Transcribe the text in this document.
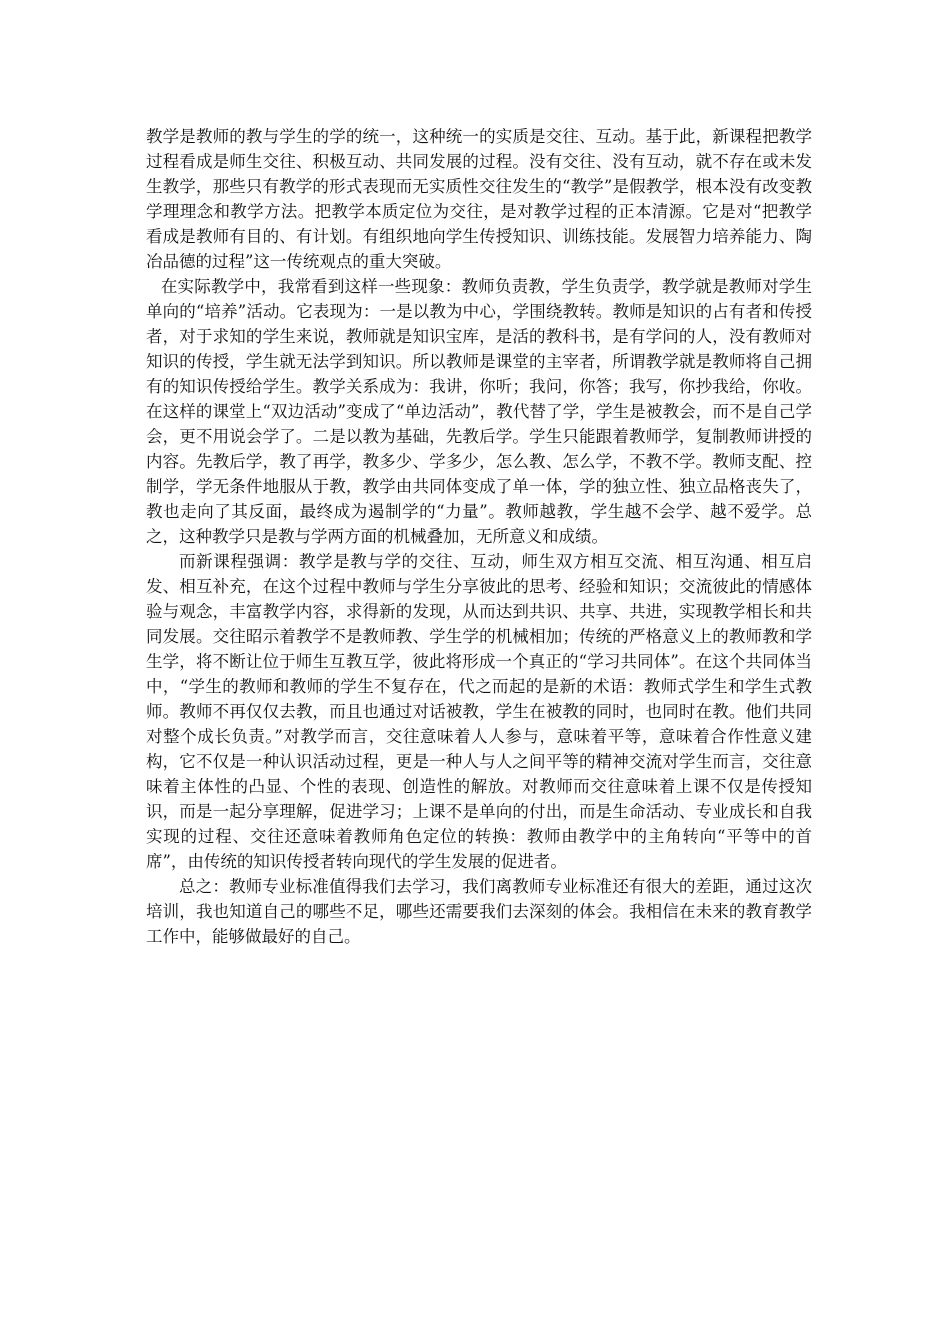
教学是教师的教与学生的学的统一，这种统一的实质是交往、互动。基于此，新课程把教学过程看成是师生交往、积极互动、共同发展的过程。没有交往、没有互动，就不存在或未发生教学，那些只有教学的形式表现而无实质性交往发生的“教学”是假教学，根本没有改变教学理理念和教学方法。把教学本质定位为交往，是对教学过程的正本清源。它是对“把教学看成是教师有目的、有计划。有组织地向学生传授知识、训练技能。发展智力培养能力、陶冶品德的过程”这一传统观点的重大突破。

在实际教学中，我常看到这样一些现象：教师负责教，学生负责学，教学就是教师对学生单向的“培养”活动。它表现为：一是以教为中心，学围绕教转。教师是知识的占有者和传授者，对于求知的学生来说，教师就是知识宝库，是活的教科书，是有学问的人，没有教师对知识的传授，学生就无法学到知识。所以教师是课堂的主宰者，所谓教学就是教师将自己拥有的知识传授给学生。教学关系成为：我讲，你听；我问，你答；我写，你抄我给，你收。在这样的课堂上“双边活动”变成了“单边活动”，教代替了学，学生是被教会，而不是自己学会，更不用说会学了。二是以教为基础，先教后学。学生只能跟着教师学，复制教师讲授的内容。先教后学，教了再学，教多少、学多少，怎么教、怎么学，不教不学。教师支配、控制学，学无条件地服从于教，教学由共同体变成了单一体，学的独立性、独立品格丧失了，教也走向了其反面，最终成为遏制学的“力量”。教师越教，学生越不会学、越不爱学。总之，这种教学只是教与学两方面的机械叠加，无所意义和成绩。

而新课程强调：教学是教与学的交往、互动，师生双方相互交流、相互沟通、相互启发、相互补充，在这个过程中教师与学生分享彼此的思考、经验和知识；交流彼此的情感体验与观念，丰富教学内容，求得新的发现，从而达到共识、共享、共进，实现教学相长和共同发展。交往昭示着教学不是教师教、学生学的机械相加；传统的严格意义上的教师教和学生学，将不断让位于师生互教互学，彼此将形成一个真正的“学习共同体”。在这个共同体当中，“学生的教师和教师的学生不复存在，代之而起的是新的术语：教师式学生和学生式教师。教师不再仅仅去教，而且也通过对话被教，学生在被教的同时，也同时在教。他们共同对整个成长负责。”对教学而言，交往意味着人人参与，意味着平等，意味着合作性意义建构，它不仅是一种认识活动过程，更是一种人与人之间平等的精神交流对学生而言，交往意味着主体性的凸显、个性的表现、创造性的解放。对教师而交往意味着上课不仅是传授知识，而是一起分享理解，促进学习；上课不是单向的付出，而是生命活动、专业成长和自我实现的过程、交往还意味着教师角色定位的转换：教师由教学中的主角转向“平等中的首席”，由传统的知识传授者转向现代的学生发展的促进者。

总之：教师专业标准值得我们去学习，我们离教师专业标准还有很大的差距，通过这次培训，我也知道自己的哪些不足，哪些还需要我们去深刻的体会。我相信在未来的教育教学工作中，能够做最好的自己。
